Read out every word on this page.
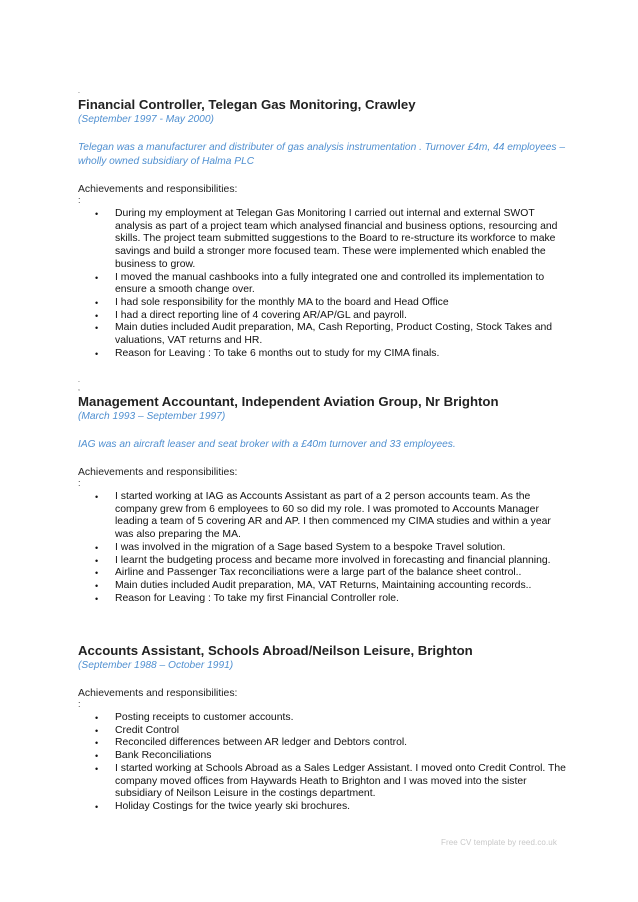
.
Financial Controller, Telegan Gas Monitoring, Crawley
(September 1997 - May 2000)
Telegan was a manufacturer and distributer of gas analysis instrumentation . Turnover £4m, 44 employees – wholly owned subsidiary of Halma PLC
Achievements and responsibilities:
:
• During my employment at Telegan Gas Monitoring I carried out internal and external SWOT analysis as part of a project team which analysed financial and business options, resourcing and skills. The project team submitted suggestions to the Board to re-structure its workforce to make savings and build a stronger more focused team. These were implemented which enabled the business to grow.
• I moved the manual cashbooks into a fully integrated one and controlled its implementation to ensure a smooth change over.
• I had sole responsibility for the monthly MA to the board and Head Office
• I had a direct reporting line of 4 covering AR/AP/GL and payroll.
• Main duties included Audit preparation, MA, Cash Reporting, Product Costing, Stock Takes and valuations, VAT returns and HR.
• Reason for Leaving : To take 6 months out to study for my CIMA finals.
.
,
Management Accountant, Independent Aviation Group, Nr Brighton
(March 1993 – September 1997)
IAG was an aircraft leaser and seat broker with a £40m turnover and 33 employees.
Achievements and responsibilities:
:
• I started working at IAG as Accounts Assistant as part of a 2 person accounts team. As the company grew from 6 employees to 60 so did my role. I was promoted to Accounts Manager leading a team of 5 covering AR and AP. I then commenced my CIMA studies and within a year was also preparing the MA.
• I was involved in the migration of a Sage based System to a bespoke Travel solution.
• I learnt the budgeting process and became more involved in forecasting and financial planning.
• Airline and Passenger Tax reconciliations were a large part of the balance sheet control..
• Main duties included Audit preparation, MA, VAT Returns, Maintaining accounting records..
• Reason for Leaving : To take my first Financial Controller role.
Accounts Assistant, Schools Abroad/Neilson Leisure, Brighton
(September 1988 – October 1991)
Achievements and responsibilities:
:
• Posting receipts to customer accounts.
• Credit Control
• Reconciled differences between AR ledger and Debtors control.
• Bank Reconciliations
• I started working at Schools Abroad as a Sales Ledger Assistant. I moved onto Credit Control. The company moved offices from Haywards Heath to Brighton and I was moved into the sister subsidiary of Neilson Leisure in the costings department.
• Holiday Costings for the twice yearly ski brochures.
Free CV template by reed.co.uk
